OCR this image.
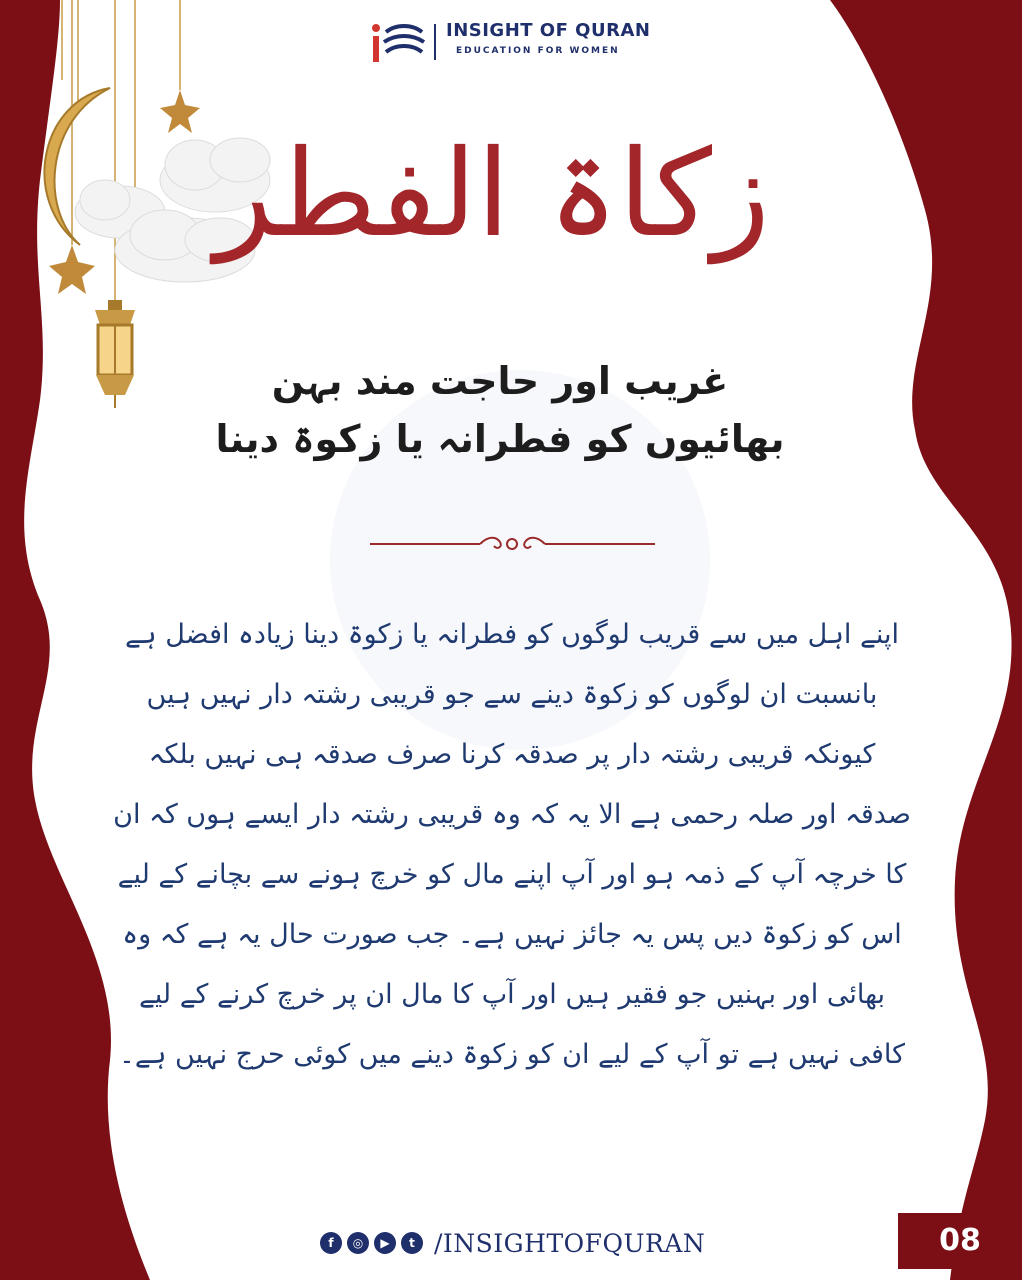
INSIGHT OF QURAN
EDUCATION FOR WOMEN
زکاۃ الفطر
غریب اور حاجت مند بہن
بھائیوں کو فطرانہ یا زکوۃ دینا
اپنے اہل میں سے قریب لوگوں کو فطرانہ یا زکوۃ دینا زیادہ افضل ہے بانسبت ان لوگوں کو زکوۃ دینے سے جو قریبی رشتہ دار نہیں ہیں کیونکہ قریبی رشتہ دار پر صدقہ کرنا صرف صدقہ ہی نہیں بلکہ صدقہ اور صلہ رحمی ہے الا یہ کہ وہ قریبی رشتہ دار ایسے ہوں کہ ان کا خرچہ آپ کے ذمہ ہو اور آپ اپنے مال کو خرچ ہونے سے بچانے کے لیے اس کو زکوۃ دیں پس یہ جائز نہیں ہے۔ جب صورت حال یہ ہے کہ وہ بھائی اور بہنیں جو فقیر ہیں اور آپ کا مال ان پر خرچ کرنے کے لیے کافی نہیں ہے تو آپ کے لیے ان کو زکوۃ دینے میں کوئی حرج نہیں ہے۔
f	◎	▶	t /INSIGHTOFQURAN	08
